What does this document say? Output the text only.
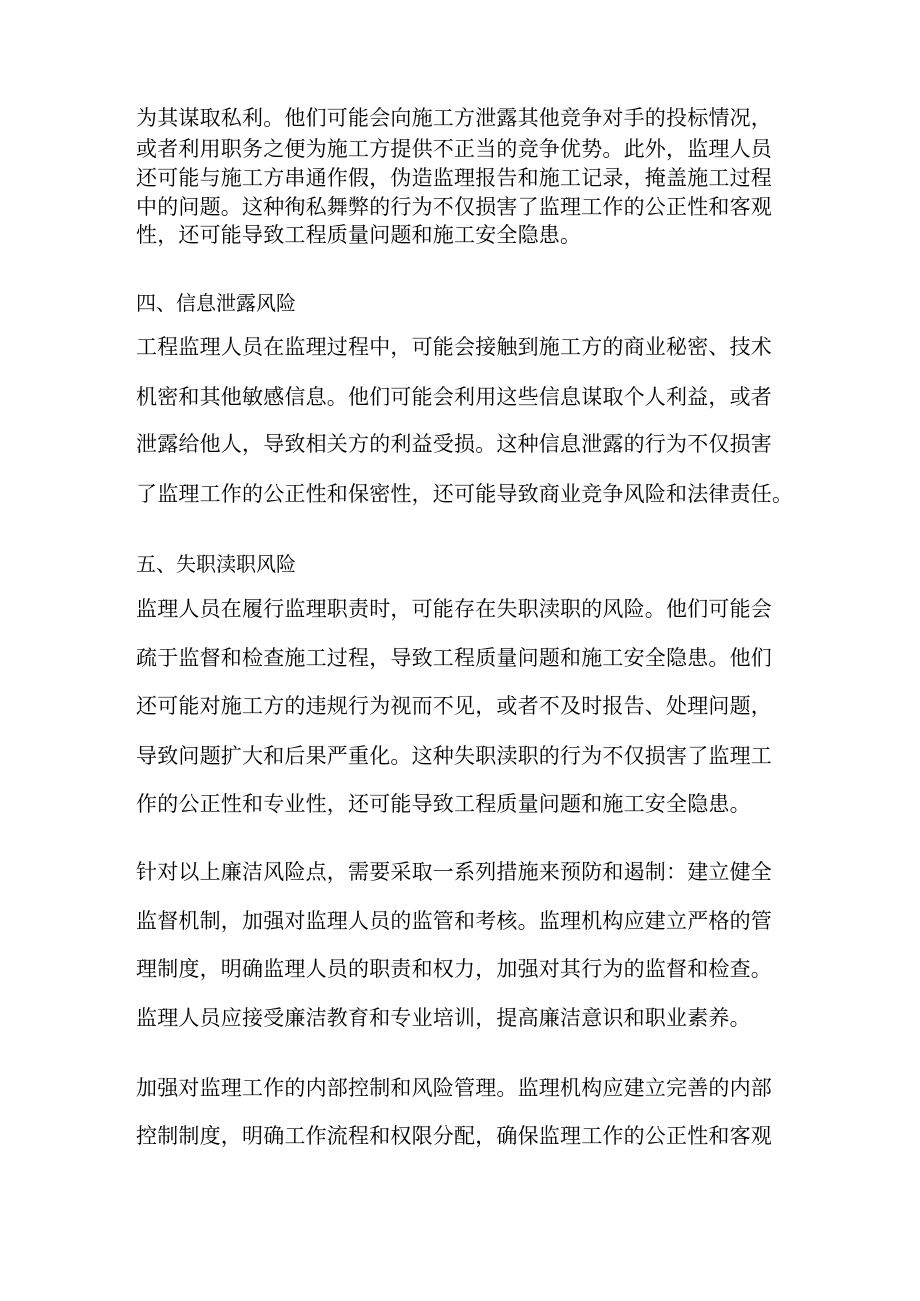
为其谋取私利。他们可能会向施工方泄露其他竞争对手的投标情况，
或者利用职务之便为施工方提供不正当的竞争优势。此外，监理人员
还可能与施工方串通作假，伪造监理报告和施工记录，掩盖施工过程
中的问题。这种徇私舞弊的行为不仅损害了监理工作的公正性和客观
性，还可能导致工程质量问题和施工安全隐患。
四、信息泄露风险
工程监理人员在监理过程中，可能会接触到施工方的商业秘密、技术
机密和其他敏感信息。他们可能会利用这些信息谋取个人利益，或者
泄露给他人，导致相关方的利益受损。这种信息泄露的行为不仅损害
了监理工作的公正性和保密性，还可能导致商业竞争风险和法律责任。
五、失职渎职风险
监理人员在履行监理职责时，可能存在失职渎职的风险。他们可能会
疏于监督和检查施工过程，导致工程质量问题和施工安全隐患。他们
还可能对施工方的违规行为视而不见，或者不及时报告、处理问题，
导致问题扩大和后果严重化。这种失职渎职的行为不仅损害了监理工
作的公正性和专业性，还可能导致工程质量问题和施工安全隐患。
针对以上廉洁风险点，需要采取一系列措施来预防和遏制：建立健全
监督机制，加强对监理人员的监管和考核。监理机构应建立严格的管
理制度，明确监理人员的职责和权力，加强对其行为的监督和检查。
监理人员应接受廉洁教育和专业培训，提高廉洁意识和职业素养。
加强对监理工作的内部控制和风险管理。监理机构应建立完善的内部
控制制度，明确工作流程和权限分配，确保监理工作的公正性和客观
